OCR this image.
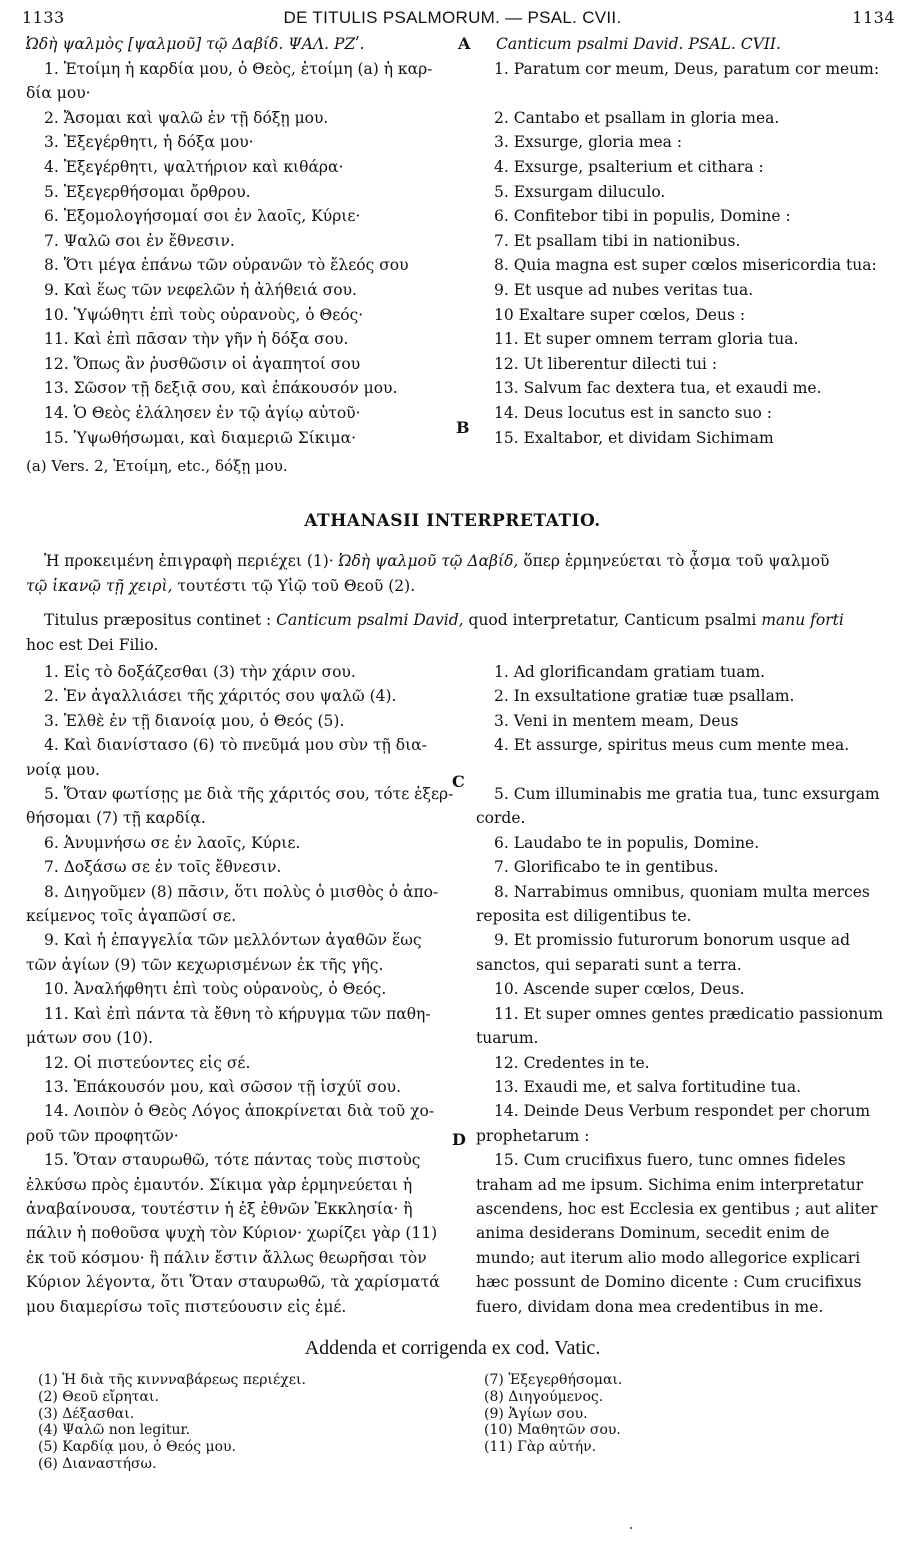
1133	DE TITULIS PSALMORUM. — PSAL. CVII.	1134
Ὠδὴ ψαλμὸς [ψαλμοῦ] τῷ Δαβίδ. ΨΑΛ. ΡΖʹ.
1. Ἑτοίμη ἡ καρδία μου, ὁ Θεὸς, ἑτοίμη (a) ἡ καρ-
δία μου·
2. Ἄσομαι καὶ ψαλῶ ἐν τῇ δόξῃ μου.
3. Ἐξεγέρθητι, ἡ δόξα μου·
4. Ἐξεγέρθητι, ψαλτήριον καὶ κιθάρα·
5. Ἐξεγερθήσομαι ὄρθρου.
6. Ἐξομολογήσομαί σοι ἐν λαοῖς, Κύριε·
7. Ψαλῶ σοι ἐν ἔθνεσιν.
8. Ὅτι μέγα ἐπάνω τῶν οὐρανῶν τὸ ἔλεός σου
9. Καὶ ἕως τῶν νεφελῶν ἡ ἀλήθειά σου.
10. Ὑψώθητι ἐπὶ τοὺς οὐρανοὺς, ὁ Θεός·
11. Καὶ ἐπὶ πᾶσαν τὴν γῆν ἡ δόξα σου.
12. Ὅπως ἂν ῥυσθῶσιν οἱ ἀγαπητοί σου
13. Σῶσον τῇ δεξιᾷ σου, καὶ ἐπάκουσόν μου.
14. Ὁ Θεὸς ἐλάλησεν ἐν τῷ ἁγίῳ αὐτοῦ·
15. Ὑψωθήσωμαι, καὶ διαμεριῶ Σίκιμα·
(a) Vers. 2, Ἑτοίμη, etc., δόξῃ μου.
Canticum psalmi David. PSAL. CVII.
1. Paratum cor meum, Deus, paratum cor meum:
2. Cantabo et psallam in gloria mea.
3. Exsurge, gloria mea :
4. Exsurge, psalterium et cithara :
5. Exsurgam diluculo.
6. Confitebor tibi in populis, Domine :
7. Et psallam tibi in nationibus.
8. Quia magna est super cœlos misericordia tua:
9. Et usque ad nubes veritas tua.
10 Exaltare super cœlos, Deus :
11. Et super omnem terram gloria tua.
12. Ut liberentur dilecti tui :
13. Salvum fac dextera tua, et exaudi me.
14. Deus locutus est in sancto suo :
15. Exaltabor, et dividam Sichimam
A
B
C
D
ATHANASII INTERPRETATIO.
Ἡ προκειμένη ἐπιγραφὴ περιέχει (1)· Ὠδὴ ψαλμοῦ τῷ Δαβίδ, ὅπερ ἑρμηνεύεται τὸ ᾆσμα τοῦ ψαλμοῦ
τῷ ἱκανῷ τῇ χειρὶ, τουτέστι τῷ Υἱῷ τοῦ Θεοῦ (2).
Titulus præpositus continet : Canticum psalmi David, quod interpretatur, Canticum psalmi manu forti
hoc est Dei Filio.
1. Εἰς τὸ δοξάζεσθαι (3) τὴν χάριν σου.
2. Ἐν ἀγαλλιάσει τῆς χάριτός σου ψαλῶ (4).
3. Ἐλθὲ ἐν τῇ διανοίᾳ μου, ὁ Θεός (5).
4. Καὶ διανίστασο (6) τὸ πνεῦμά μου σὺν τῇ δια-
νοίᾳ μου.
5. Ὅταν φωτίσῃς με διὰ τῆς χάριτός σου, τότε ἐξερ-
θήσομαι (7) τῇ καρδίᾳ.
6. Ἀνυμνήσω σε ἐν λαοῖς, Κύριε.
7. Δοξάσω σε ἐν τοῖς ἔθνεσιν.
8. Διηγοῦμεν (8) πᾶσιν, ὅτι πολὺς ὁ μισθὸς ὁ ἀπο-
κείμενος τοῖς ἀγαπῶσί σε.
9. Καὶ ἡ ἐπαγγελία τῶν μελλόντων ἀγαθῶν ἕως
τῶν ἁγίων (9) τῶν κεχωρισμένων ἐκ τῆς γῆς.
10. Ἀναλήφθητι ἐπὶ τοὺς οὐρανοὺς, ὁ Θεός.
11. Καὶ ἐπὶ πάντα τὰ ἔθνη τὸ κήρυγμα τῶν παθη-
μάτων σου (10).
12. Οἱ πιστεύοντες εἰς σέ.
13. Ἐπάκουσόν μου, καὶ σῶσον τῇ ἰσχύϊ σου.
14. Λοιπὸν ὁ Θεὸς Λόγος ἀποκρίνεται διὰ τοῦ χο-
ροῦ τῶν προφητῶν·
15. Ὅταν σταυρωθῶ, τότε πάντας τοὺς πιστοὺς
ἑλκύσω πρὸς ἐμαυτόν. Σίκιμα γὰρ ἑρμηνεύεται ἡ
ἀναβαίνουσα, τουτέστιν ἡ ἐξ ἐθνῶν Ἐκκλησία· ἢ
πάλιν ἡ ποθοῦσα ψυχὴ τὸν Κύριον· χωρίζει γὰρ (11)
ἐκ τοῦ κόσμου· ἢ πάλιν ἔστιν ἄλλως θεωρῆσαι τὸν
Κύριον λέγοντα, ὅτι Ὅταν σταυρωθῶ, τὰ χαρίσματά
μου διαμερίσω τοῖς πιστεύουσιν εἰς ἐμέ.
1. Ad glorificandam gratiam tuam.
2. In exsultatione gratiæ tuæ psallam.
3. Veni in mentem meam, Deus
4. Et assurge, spiritus meus cum mente mea.

5. Cum illuminabis me gratia tua, tunc exsurgam
corde.
6. Laudabo te in populis, Domine.
7. Glorificabo te in gentibus.
8. Narrabimus omnibus, quoniam multa merces
reposita est diligentibus te.
9. Et promissio futurorum bonorum usque ad
sanctos, qui separati sunt a terra.
10. Ascende super cœlos, Deus.
11. Et super omnes gentes prædicatio passionum
tuarum.
12. Credentes in te.
13. Exaudi me, et salva fortitudine tua.
14. Deinde Deus Verbum respondet per chorum
prophetarum :
15. Cum crucifixus fuero, tunc omnes fideles
traham ad me ipsum. Sichima enim interpretatur
ascendens, hoc est Ecclesia ex gentibus ; aut aliter
anima desiderans Dominum, secedit enim de
mundo; aut iterum alio modo allegorice explicari
hæc possunt de Domino dicente : Cum crucifixus
fuero, dividam dona mea credentibus in me.
Addenda et corrigenda ex cod. Vatic.
(1) Ἡ διὰ τῆς κιννναβάρεως περιέχει.
(2) Θεοῦ εἴρηται.
(3) Δέξασθαι.
(4) Ψαλῶ non legitur.
(5) Καρδίᾳ μου, ὁ Θεός μου.
(6) Διαναστήσω.
(7) Ἐξεγερθήσομαι.
(8) Διηγούμενος.
(9) Ἁγίων σου.
(10) Μαθητῶν σου.
(11) Γὰρ αὐτήν.
